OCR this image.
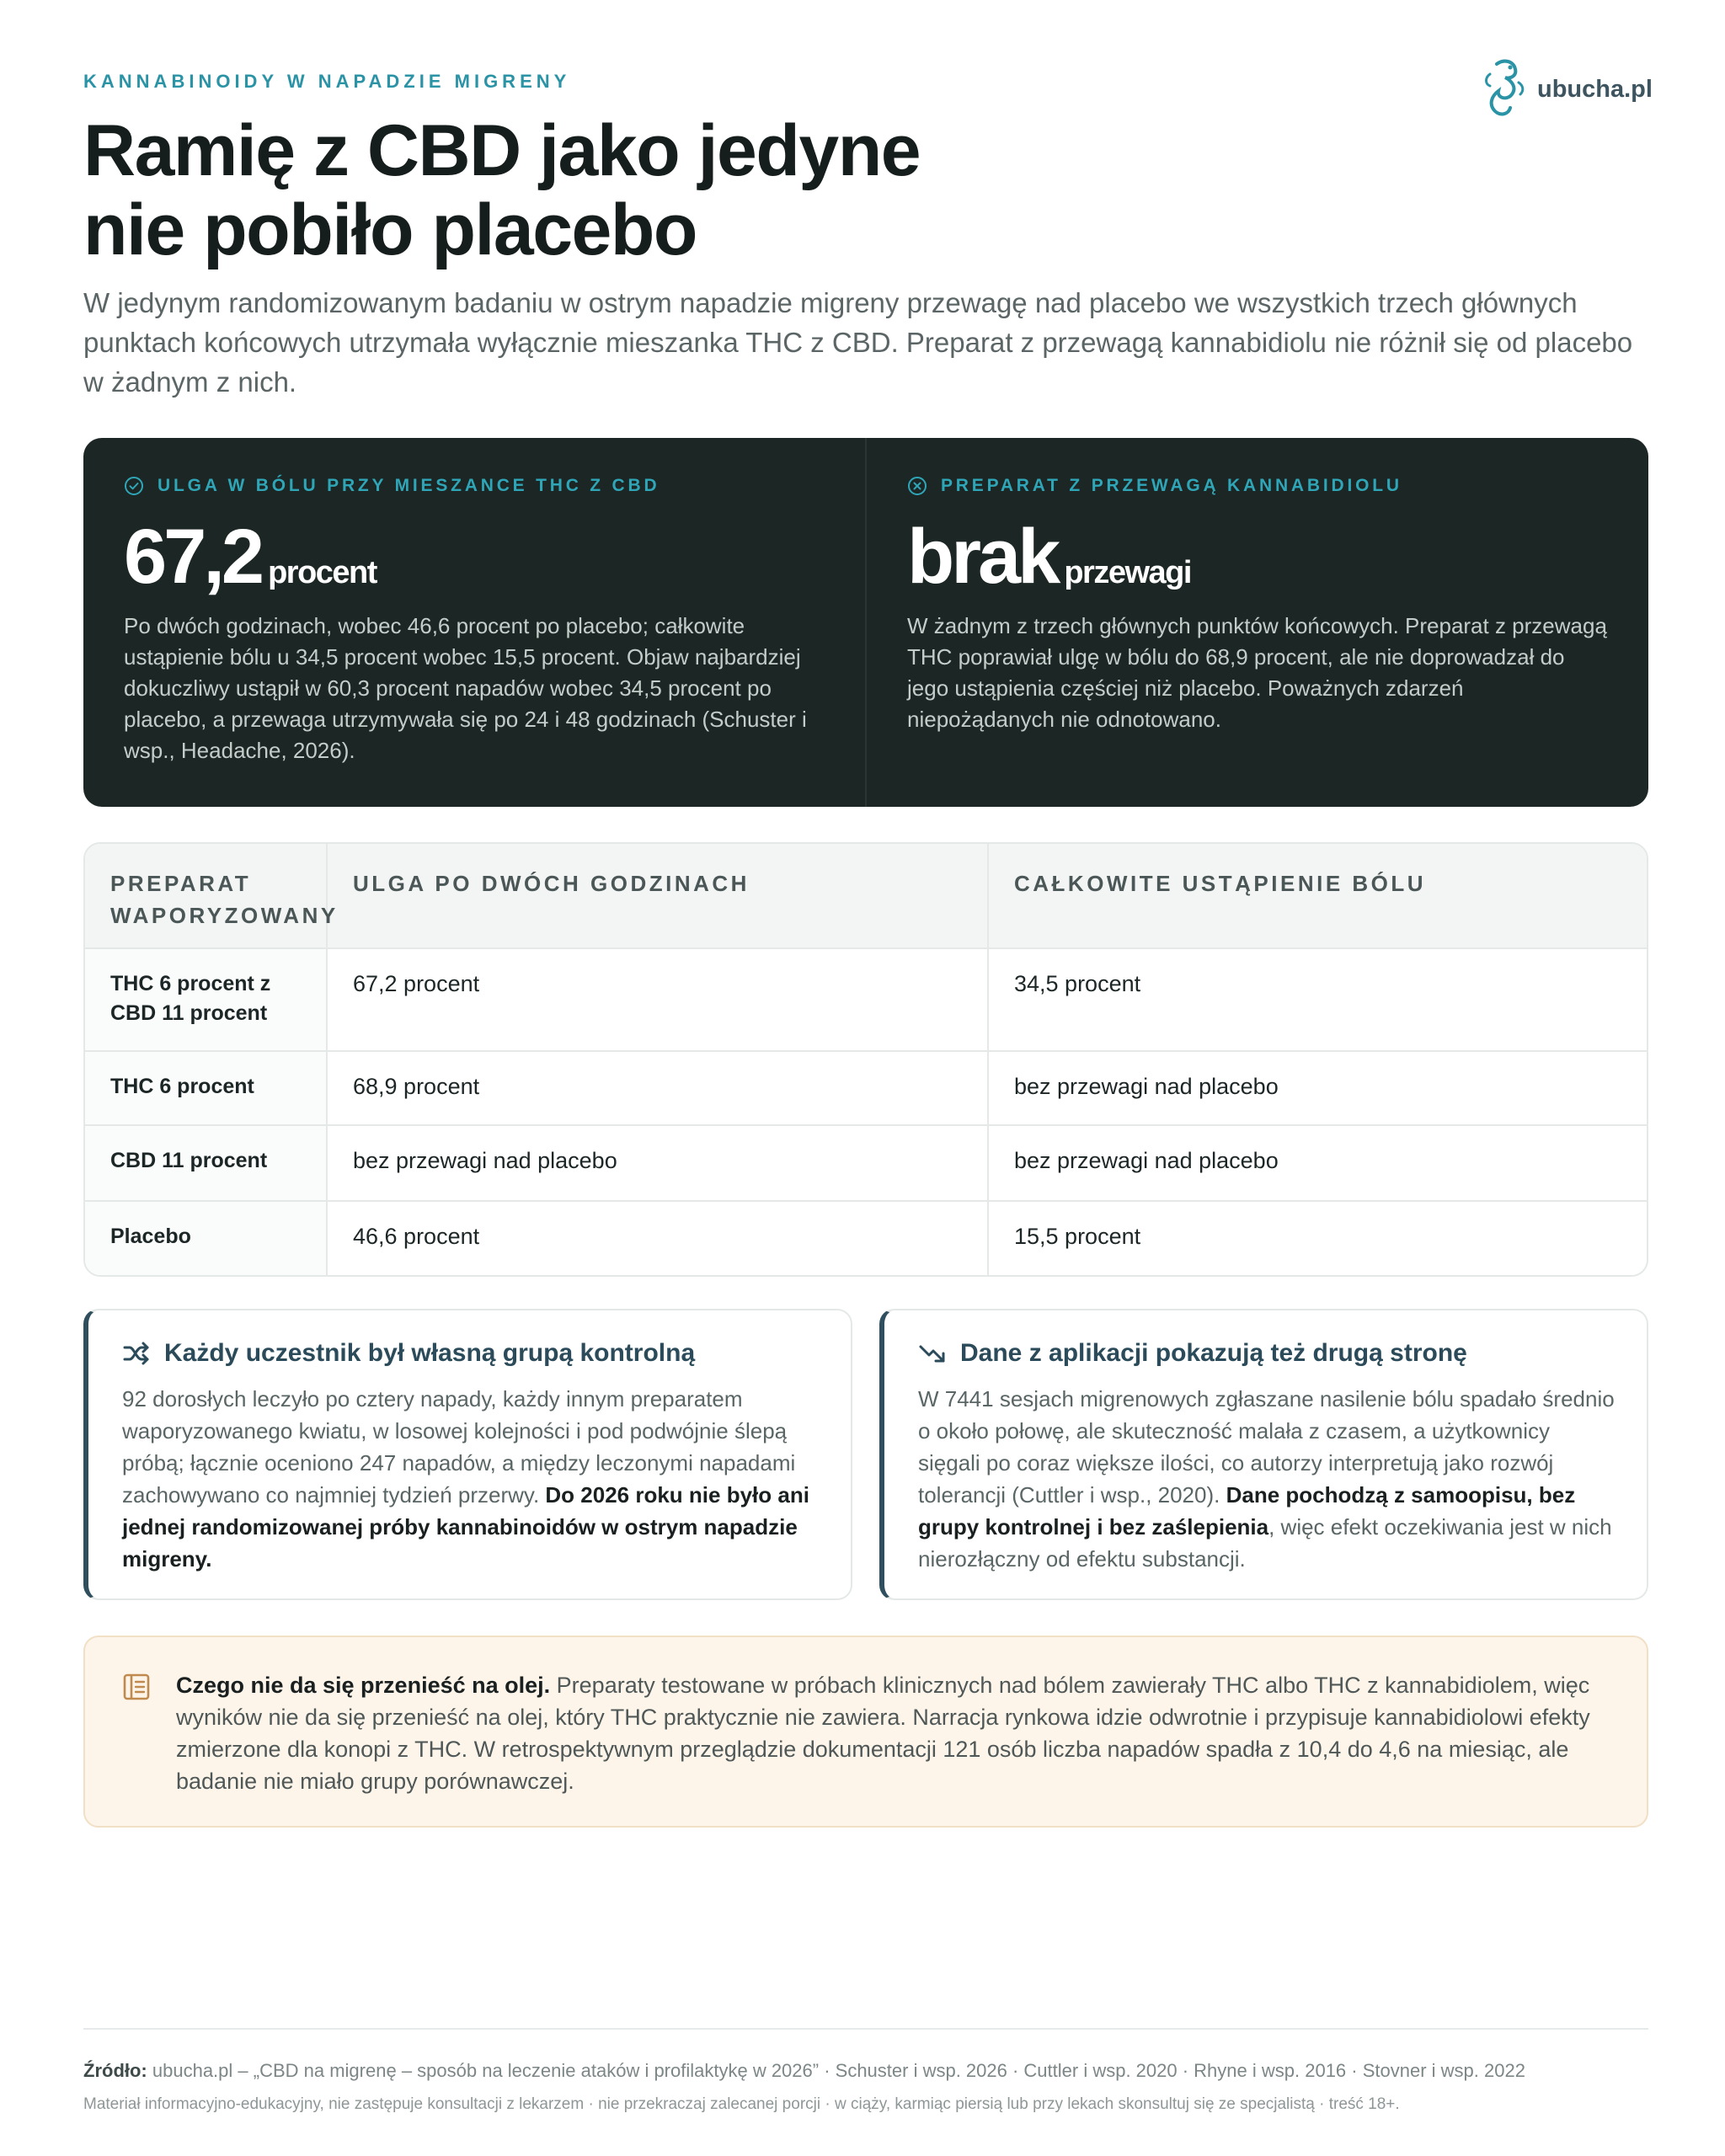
KANNABINOIDY W NAPADZIE MIGRENY
Ramię z CBD jako jedyne
nie pobiło placebo

W jedynym randomizowanym badaniu w ostrym napadzie migreny przewagę nad placebo we wszystkich trzech głównych punktach końcowych utrzymała wyłącznie mieszanka THC z CBD. Preparat z przewagą kannabidiolu nie różnił się od placebo w żadnym z nich.

ubucha.pl
ULGA W BÓLU PRZY MIESZANCE THC Z CBD
67,2 procent

Po dwóch godzinach, wobec 46,6 procent po placebo; całkowite ustąpienie bólu u 34,5 procent wobec 15,5 procent. Objaw najbardziej dokuczliwy ustąpił w 60,3 procent napadów wobec 34,5 procent po placebo, a przewaga utrzymywała się po 24 i 48 godzinach (Schuster i wsp., Headache, 2026).

PREPARAT Z PRZEWAGĄ KANNABIDIOLU
brak przewagi

W żadnym z trzech głównych punktów końcowych. Preparat z przewagą THC poprawiał ulgę w bólu do 68,9 procent, ale nie doprowadzał do jego ustąpienia częściej niż placebo. Poważnych zdarzeń niepożądanych nie odnotowano.

PREPARAT WAPORYZOWANY	ULGA PO DWÓCH GODZINACH	CAŁKOWITE USTĄPIENIE BÓLU
THC 6 procent z CBD 11 procent	67,2 procent	34,5 procent
THC 6 procent	68,9 procent	bez przewagi nad placebo
CBD 11 procent	bez przewagi nad placebo	bez przewagi nad placebo
Placebo	46,6 procent	15,5 procent
Każdy uczestnik był własną grupą kontrolną

92 dorosłych leczyło po cztery napady, każdy innym preparatem waporyzowanego kwiatu, w losowej kolejności i pod podwójnie ślepą próbą; łącznie oceniono 247 napadów, a między leczonymi napadami zachowywano co najmniej tydzień przerwy. Do 2026 roku nie było ani jednej randomizowanej próby kannabinoidów w ostrym napadzie migreny.

Dane z aplikacji pokazują też drugą stronę

W 7441 sesjach migrenowych zgłaszane nasilenie bólu spadało średnio o około połowę, ale skuteczność malała z czasem, a użytkownicy sięgali po coraz większe ilości, co autorzy interpretują jako rozwój tolerancji (Cuttler i wsp., 2020). Dane pochodzą z samoopisu, bez grupy kontrolnej i bez zaślepienia, więc efekt oczekiwania jest w nich nierozłączny od efektu substancji.

Czego nie da się przenieść na olej. Preparaty testowane w próbach klinicznych nad bólem zawierały THC albo THC z kannabidiolem, więc wyników nie da się przenieść na olej, który THC praktycznie nie zawiera. Narracja rynkowa idzie odwrotnie i przypisuje kannabidiolowi efekty zmierzone dla konopi z THC. W retrospektywnym przeglądzie dokumentacji 121 osób liczba napadów spadła z 10,4 do 4,6 na miesiąc, ale badanie nie miało grupy porównawczej.

Źródło: ubucha.pl – „CBD na migrenę – sposób na leczenie ataków i profilaktykę w 2026” · Schuster i wsp. 2026 · Cuttler i wsp. 2020 · Rhyne i wsp. 2016 · Stovner i wsp. 2022

Materiał informacyjno-edukacyjny, nie zastępuje konsultacji z lekarzem · nie przekraczaj zalecanej porcji · w ciąży, karmiąc piersią lub przy lekach skonsultuj się ze specjalistą · treść 18+.
